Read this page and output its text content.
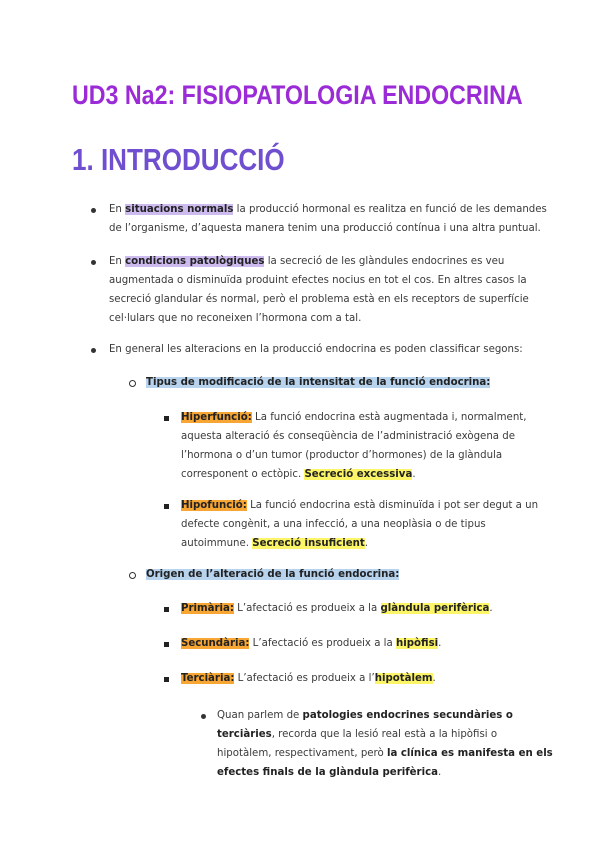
UD3 Na2: FISIOPATOLOGIA ENDOCRINA
1. INTRODUCCIÓ
En situacions normals la producció hormonal es realitza en funció de les demandes
de l’organisme, d’aquesta manera tenim una producció contínua i una altra puntual.
En condicions patològiques la secreció de les glàndules endocrines es veu
augmentada o disminuïda produint efectes nocius en tot el cos. En altres casos la
secreció glandular és normal, però el problema està en els receptors de superfície
cel·lulars que no reconeixen l’hormona com a tal.
En general les alteracions en la producció endocrina es poden classificar segons:
Tipus de modificació de la intensitat de la funció endocrina:
Hiperfunció: La funció endocrina està augmentada i, normalment,
aquesta alteració és conseqüència de l’administració exògena de
l’hormona o d’un tumor (productor d’hormones) de la glàndula
corresponent o ectòpic. Secreció excessiva.
Hipofunció: La funció endocrina està disminuïda i pot ser degut a un
defecte congènit, a una infecció, a una neoplàsia o de tipus
autoimmune. Secreció insuficient.
Origen de l’alteració de la funció endocrina:
Primària: L’afectació es produeix a la glàndula perifèrica.
Secundària: L’afectació es produeix a la hipòfisi.
Terciària: L’afectació es produeix a l’hipotàlem.
Quan parlem de patologies endocrines secundàries o
terciàries, recorda que la lesió real està a la hipòfisi o
hipotàlem, respectivament, però la clínica es manifesta en els
efectes finals de la glàndula perifèrica.
